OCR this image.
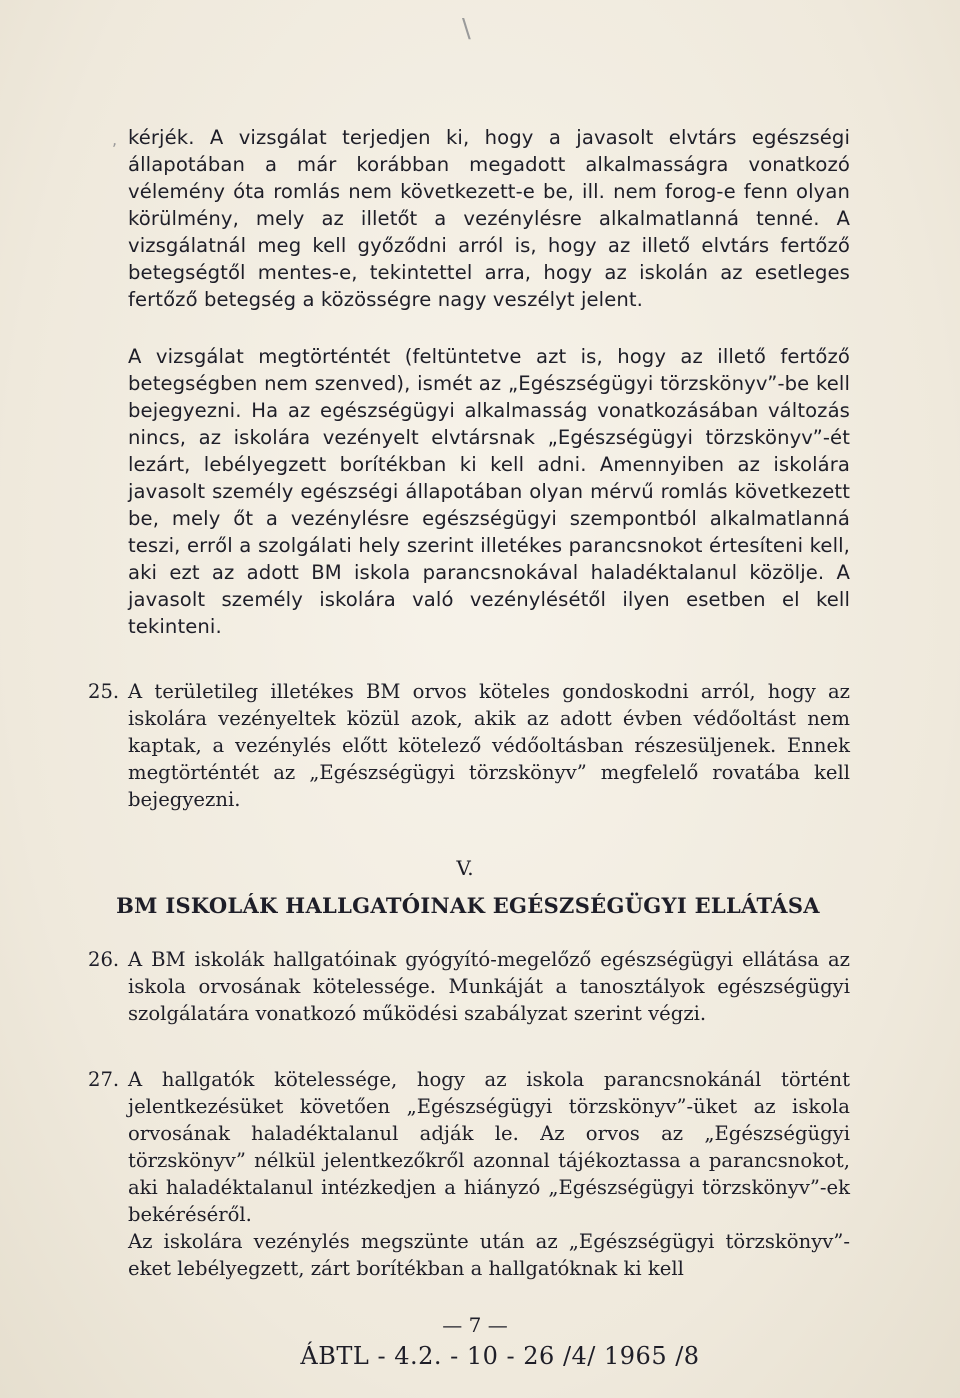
\
, kérjék. A vizsgálat terjedjen ki, hogy a javasolt elvtárs egészségi állapotában a már korábban megadott alkalmasságra vonatkozó vélemény óta romlás nem következett-e be, ill. nem forog-e fenn olyan körülmény, mely az illetőt a vezénylésre alkalmatlanná tenné. A vizsgálatnál meg kell győződni arról is, hogy az illető elvtárs fertőző betegségtől mentes-e, tekintettel arra, hogy az iskolán az esetleges fertőző betegség a közösségre nagy veszélyt jelent.
A vizsgálat megtörténtét (feltüntetve azt is, hogy az illető fertőző betegségben nem szenved), ismét az „Egészségügyi törzskönyv”-be kell bejegyezni. Ha az egészségügyi alkalmasság vonatkozásában változás nincs, az iskolára vezényelt elvtársnak „Egészségügyi törzskönyv”-ét lezárt, lebélyegzett borítékban ki kell adni. Amennyiben az iskolára javasolt személy egészségi állapotában olyan mérvű romlás következett be, mely őt a vezénylésre egészségügyi szempontból alkalmatlanná teszi, erről a szolgálati hely szerint illetékes parancsnokot értesíteni kell, aki ezt az adott BM iskola parancsnokával haladéktalanul közölje. A javasolt személy iskolára való vezénylésétől ilyen esetben el kell tekinteni.
25. A területileg illetékes BM orvos köteles gondoskodni arról, hogy az iskolára vezényeltek közül azok, akik az adott évben védőoltást nem kaptak, a vezénylés előtt kötelező védőoltásban részesüljenek. Ennek megtörténtét az „Egészségügyi törzskönyv” megfelelő rovatába kell bejegyezni.
V.
BM ISKOLÁK HALLGATÓINAK EGÉSZSÉGÜGYI ELLÁTÁSA
26. A BM iskolák hallgatóinak gyógyító-megelőző egészségügyi ellátása az iskola orvosának kötelessége. Munkáját a tanosztályok egészségügyi szolgálatára vonatkozó működési szabályzat szerint végzi.
27. A hallgatók kötelessége, hogy az iskola parancsnokánál történt jelentkezésüket követően „Egészségügyi törzskönyv”-üket az iskola orvosának haladéktalanul adják le. Az orvos az „Egészségügyi törzskönyv” nélkül jelentkezőkről azonnal tájékoztassa a parancsnokot, aki haladéktalanul intézkedjen a hiányzó „Egészségügyi törzskönyv”-ek bekéréséről.
Az iskolára vezénylés megszünte után az „Egészségügyi törzskönyv”-eket lebélyegzett, zárt borítékban a hallgatóknak ki kell
— 7 —
ÁBTL - 4.2. - 10 - 26 /4/ 1965 /8
